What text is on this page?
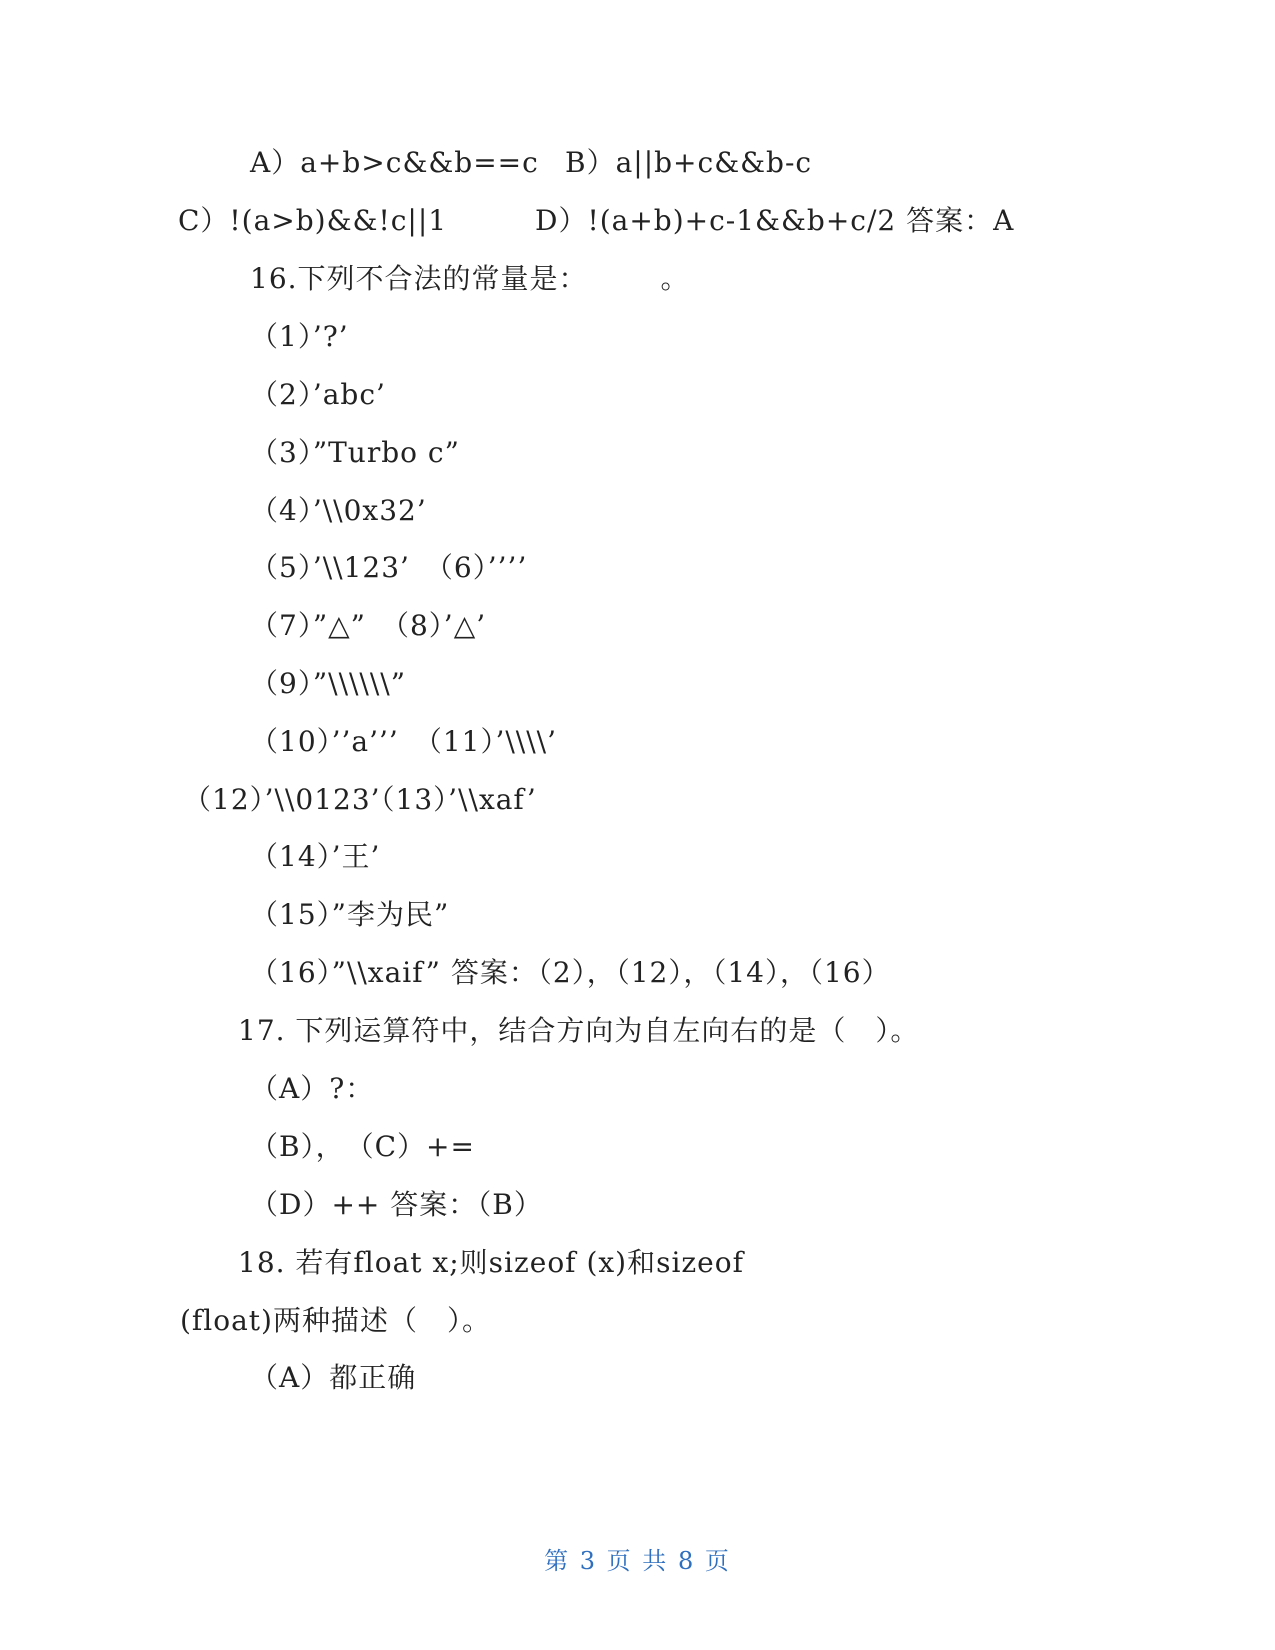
A）a+b>c&&b==c B）a||b+c&&b-c
C）!(a>b)&&!c||1	D）!(a+b)+c-1&&b+c/2 答案：A
16.下列不合法的常量是：　　　。
（1）’?’
（2）’abc’
（3）”Turbo c”
（4）’\\0x32’
（5）’\\123’　（6）’’’’
（7）”△”　（8）’△’
（9）”\\\\\\”
（10）’’a’’’　（11）’\\\\’
（12）’\\0123’（13）’\\xaf’
（14）’王’
（15）”李为民”
（16）”\\xaif” 答案：（2），（12），（14），（16）
17. 下列运算符中，结合方向为自左向右的是（　）。
（A）?：
（B），　（C）+=
（D）++ 答案：（B）
18. 若有float x;则sizeof (x)和sizeof
(float)两种描述（　）。
（A）都正确
第 3 页 共 8 页
